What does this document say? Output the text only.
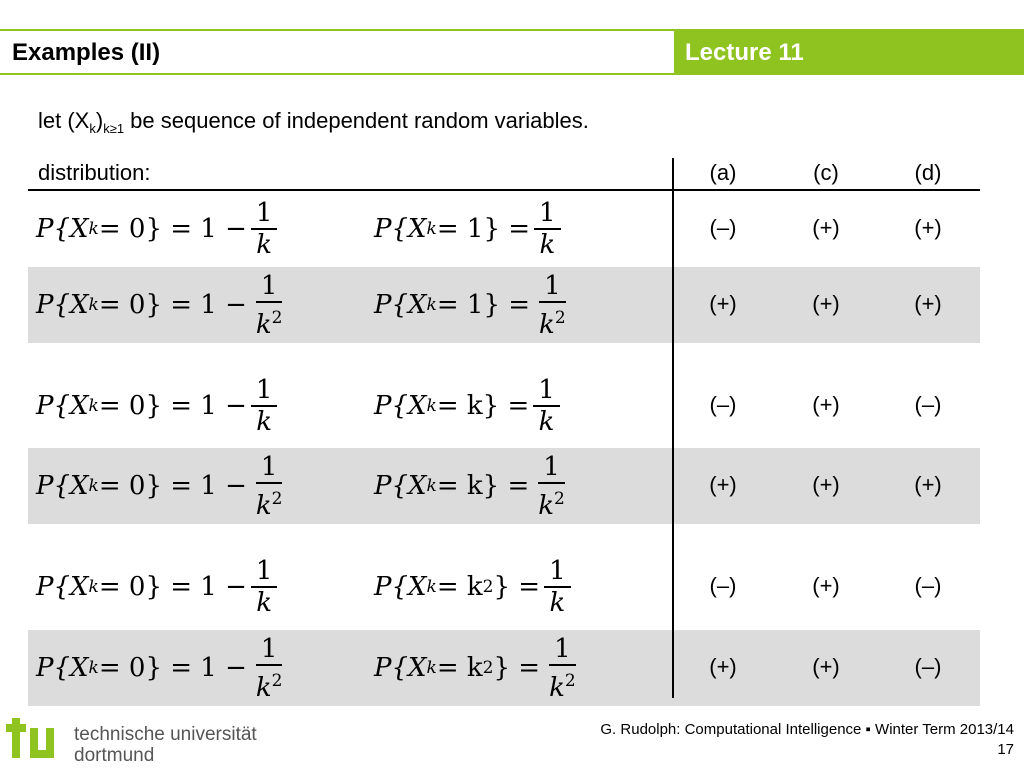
Examples (II)	Lecture 11
let $(X_k)_{k\ge 1}$ be sequence of independent random variables.
distribution:	(a)	(c)	(d)
P{X $k = 0\} = 1 - \frac{1}{k}$	P{X $k = 1\} = \frac{1}{k}$	(–)	(+)	(+)
P{X $k = 0\} = 1 - \frac{1}{k^2}$	P{X $k = 1\} = \frac{1}{k^2}$	(+)	(+)	(+)
P{X $k = 0\} = 1 - \frac{1}{k}$	P{X $k = k\} = \frac{1}{k}$	(–)	(+)	(–)
P{X $k = 0\} = 1 - \frac{1}{k^2}$	P{X $k = k\} = \frac{1}{k^2}$	(+)	(+)	(+)
P{X $k = 0\} = 1 - \frac{1}{k}$	P{X k = k 2 } = $\frac{1}{k}$	(–)	(+)	(–)
P{X $k = 0\} = 1 - \frac{1}{k^2}$	P{X k = k 2 } = $\frac{1}{k^2}$	(+)	(+)	(–)
technische universität
dortmund
G. Rudolph: Computational Intelligence ▪ Winter Term 2013/14
17
